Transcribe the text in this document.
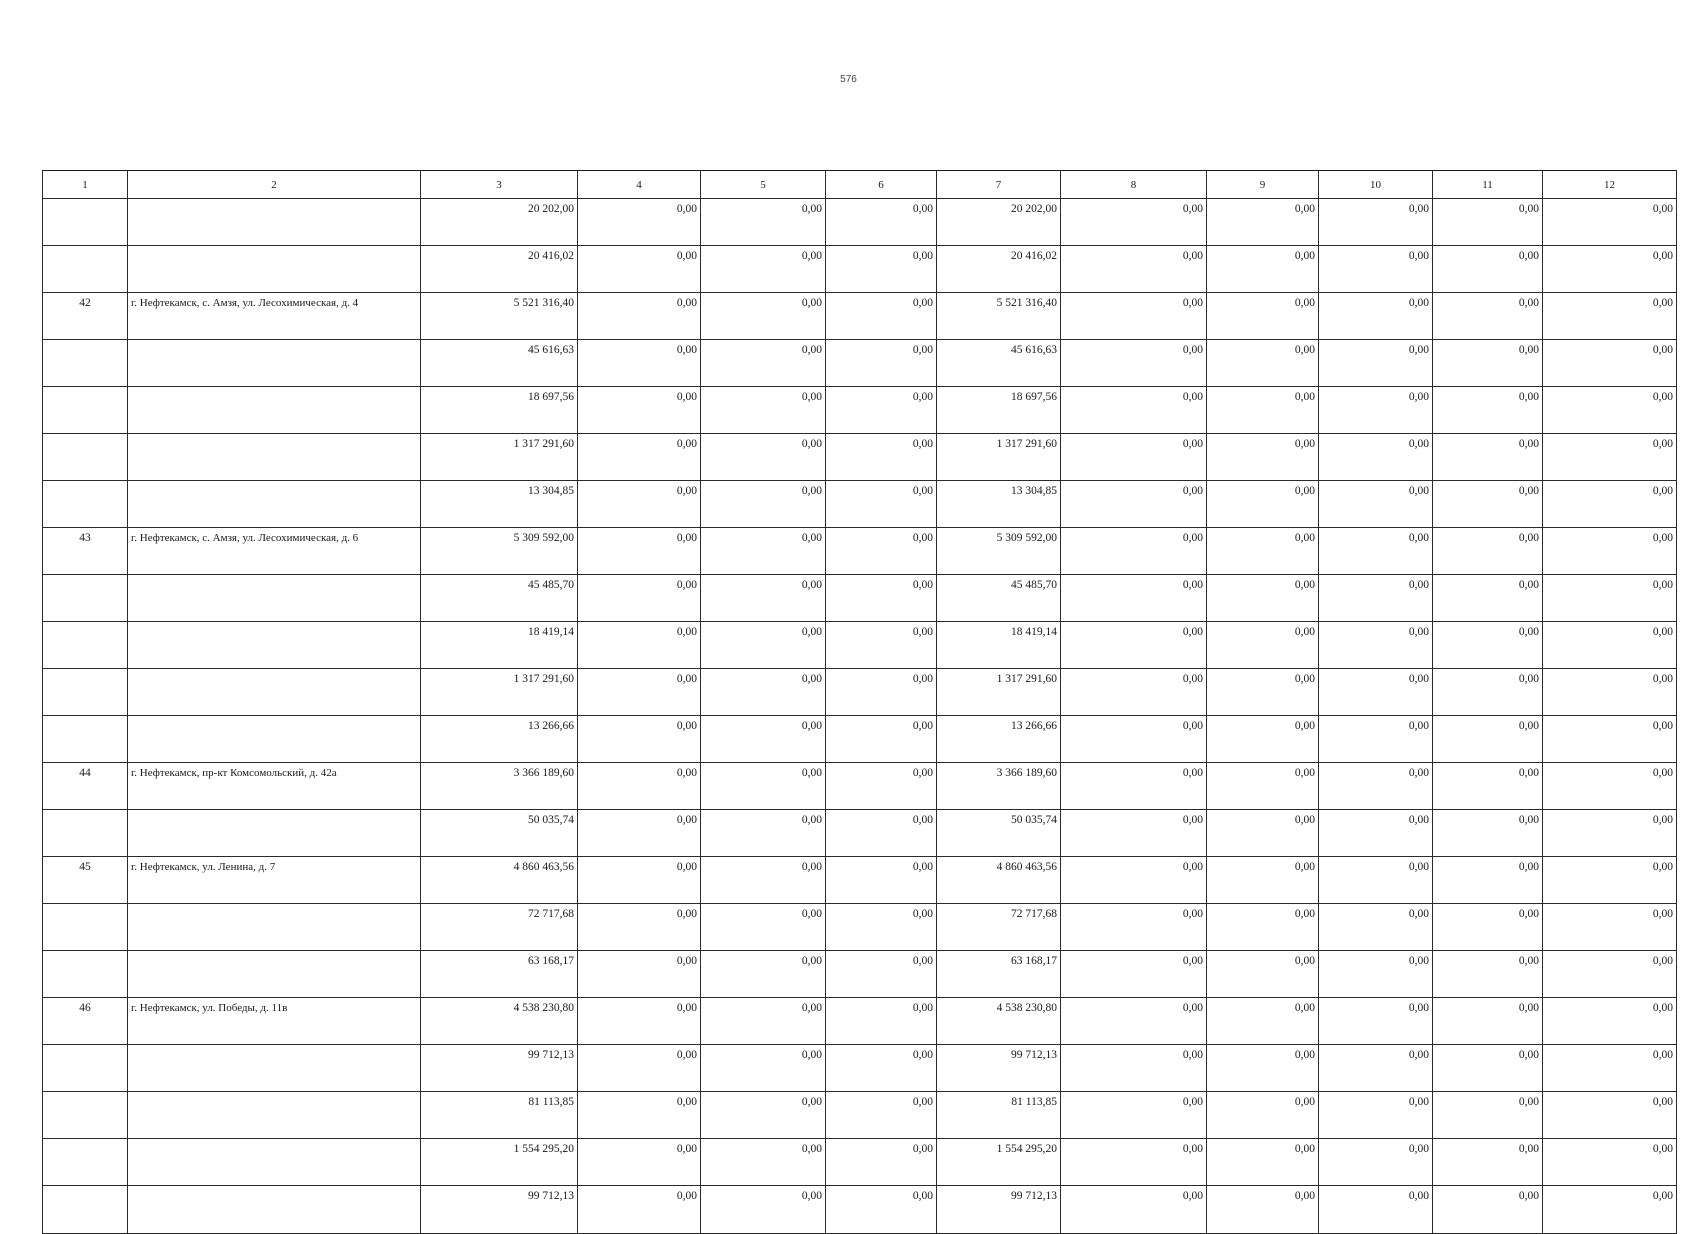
576
1	2	3	4	5	6	7	8	9	10	11	12
		20 202,00	0,00	0,00	0,00	20 202,00	0,00	0,00	0,00	0,00	0,00
		20 416,02	0,00	0,00	0,00	20 416,02	0,00	0,00	0,00	0,00	0,00
42	г. Нефтекамск, с. Амзя, ул. Лесохимическая, д. 4	5 521 316,40	0,00	0,00	0,00	5 521 316,40	0,00	0,00	0,00	0,00	0,00
		45 616,63	0,00	0,00	0,00	45 616,63	0,00	0,00	0,00	0,00	0,00
		18 697,56	0,00	0,00	0,00	18 697,56	0,00	0,00	0,00	0,00	0,00
		1 317 291,60	0,00	0,00	0,00	1 317 291,60	0,00	0,00	0,00	0,00	0,00
		13 304,85	0,00	0,00	0,00	13 304,85	0,00	0,00	0,00	0,00	0,00
43	г. Нефтекамск, с. Амзя, ул. Лесохимическая, д. 6	5 309 592,00	0,00	0,00	0,00	5 309 592,00	0,00	0,00	0,00	0,00	0,00
		45 485,70	0,00	0,00	0,00	45 485,70	0,00	0,00	0,00	0,00	0,00
		18 419,14	0,00	0,00	0,00	18 419,14	0,00	0,00	0,00	0,00	0,00
		1 317 291,60	0,00	0,00	0,00	1 317 291,60	0,00	0,00	0,00	0,00	0,00
		13 266,66	0,00	0,00	0,00	13 266,66	0,00	0,00	0,00	0,00	0,00
44	г. Нефтекамск, пр-кт Комсомольский, д. 42а	3 366 189,60	0,00	0,00	0,00	3 366 189,60	0,00	0,00	0,00	0,00	0,00
		50 035,74	0,00	0,00	0,00	50 035,74	0,00	0,00	0,00	0,00	0,00
45	г. Нефтекамск, ул. Ленина, д. 7	4 860 463,56	0,00	0,00	0,00	4 860 463,56	0,00	0,00	0,00	0,00	0,00
		72 717,68	0,00	0,00	0,00	72 717,68	0,00	0,00	0,00	0,00	0,00
		63 168,17	0,00	0,00	0,00	63 168,17	0,00	0,00	0,00	0,00	0,00
46	г. Нефтекамск, ул. Победы, д. 11в	4 538 230,80	0,00	0,00	0,00	4 538 230,80	0,00	0,00	0,00	0,00	0,00
		99 712,13	0,00	0,00	0,00	99 712,13	0,00	0,00	0,00	0,00	0,00
		81 113,85	0,00	0,00	0,00	81 113,85	0,00	0,00	0,00	0,00	0,00
		1 554 295,20	0,00	0,00	0,00	1 554 295,20	0,00	0,00	0,00	0,00	0,00
		99 712,13	0,00	0,00	0,00	99 712,13	0,00	0,00	0,00	0,00	0,00
